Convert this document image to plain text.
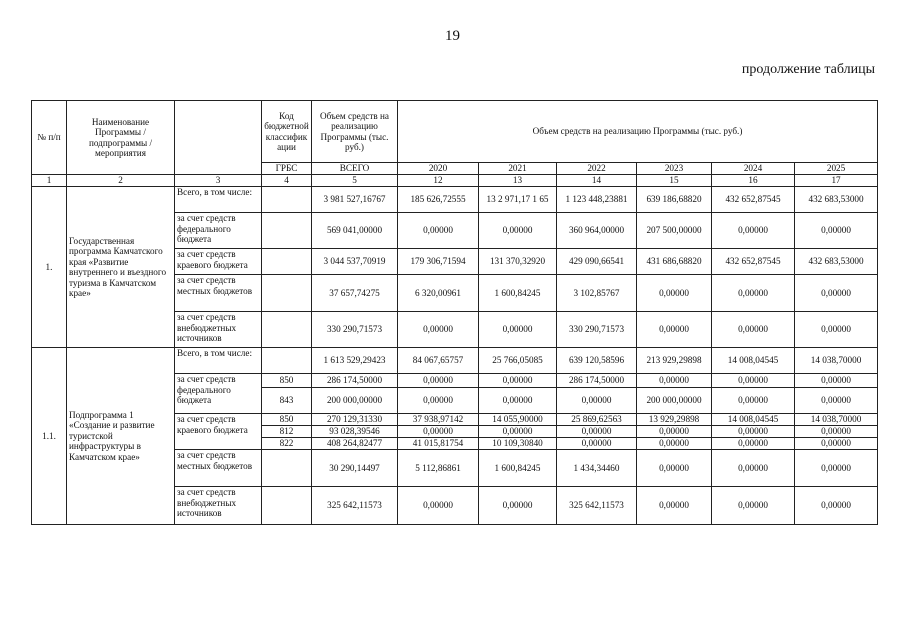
19
продолжение таблицы
№ п/п	Наименование Программы / подпрограммы / мероприятия		Код бюджетной классификации	Объем средств на реализацию Программы (тыс. руб.)	Объем средств на реализацию Программы (тыс. руб.)					
			ГРБС	ВСЕГО	2020	2021	2022	2023	2024	2025
1	2	3	4	5	12	13	14	15	16	17
1.	Государственная программа Камчатского края «Развитие внутреннего и въездного туризма в Камчатском крае»	Всего, в том числе:		3 981 527,16767	185 626,72555	13 2 971,17 1 65	1 123 448,23881	639 186,68820	432 652,87545	432 683,53000
		за счет средств федерального бюджета		569 041,00000	0,00000	0,00000	360 964,00000	207 500,00000	0,00000	0,00000
		за счет средств краевого бюджета		3 044 537,70919	179 306,71594	131 370,32920	429 090,66541	431 686,68820	432 652,87545	432 683,53000
		за счет средств местных бюджетов		37 657,74275	6 320,00961	1 600,84245	3 102,85767	0,00000	0,00000	0,00000
		за счет средств внебюджетных источников		330 290,71573	0,00000	0,00000	330 290,71573	0,00000	0,00000	0,00000
1.1.	Подпрограмма 1 «Создание и развитие туристской инфраструктуры в Камчатском крае»	Всего, в том числе:		1 613 529,29423	84 067,65757	25 766,05085	639 120,58596	213 929,29898	14 008,04545	14 038,70000
		за счет средств федерального бюджета	850	286 174,50000	0,00000	0,00000	286 174,50000	0,00000	0,00000	0,00000
			843	200 000,00000	0,00000	0,00000	0,00000	200 000,00000	0,00000	0,00000
		за счет средств краевого бюджета	850	270 129,31330	37 938,97142	14 055,90000	25 869,62563	13 929,29898	14 008,04545	14 038,70000
			812	93 028,39546	0,00000	0,00000	0,00000	0,00000	0,00000	0,00000
			822	408 264,82477	41 015,81754	10 109,30840	0,00000	0,00000	0,00000	0,00000
		за счет средств местных бюджетов		30 290,14497	5 112,86861	1 600,84245	1 434,34460	0,00000	0,00000	0,00000
		за счет средств внебюджетных источников		325 642,11573	0,00000	0,00000	325 642,11573	0,00000	0,00000	0,00000
